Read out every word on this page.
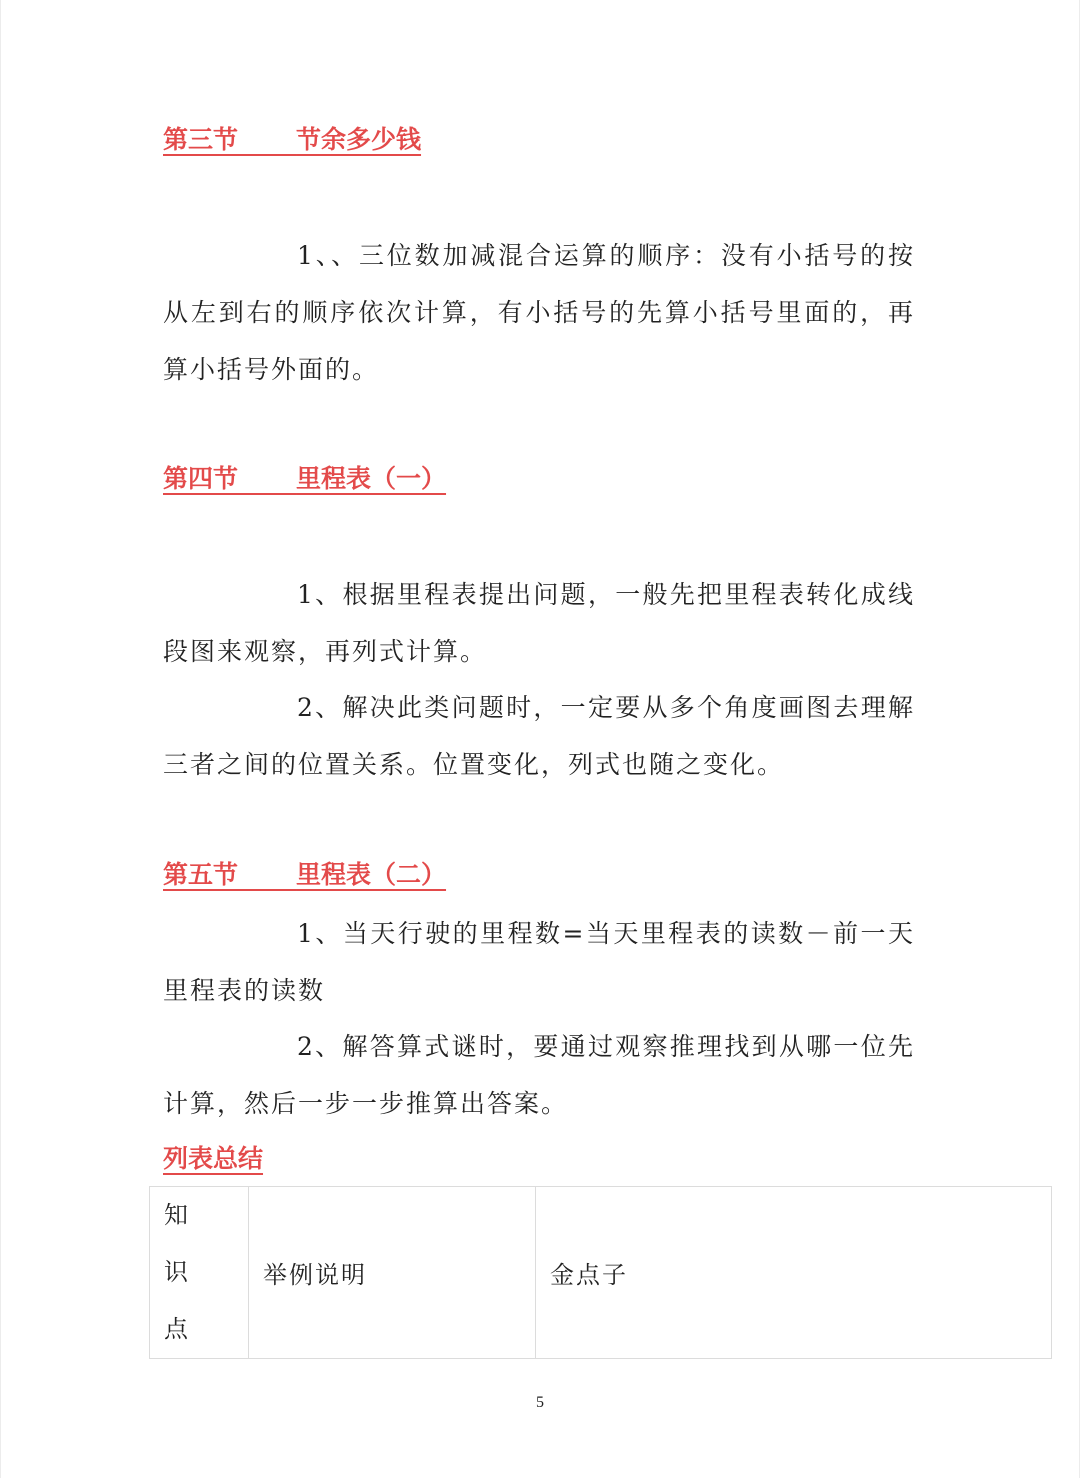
第三节 节余多少钱

1、、三位数加减混合运算的顺序：没有小括号的按从左到右的顺序依次计算，有小括号的先算小括号里面的，再算小括号外面的。

第四节 里程表（一）

1、根据里程表提出问题，一般先把里程表转化成线段图来观察，再列式计算。

2、解决此类问题时，一定要从多个角度画图去理解三者之间的位置关系。位置变化，列式也随之变化。

第五节 里程表（二）

1、当天行驶的里程数=当天里程表的读数－前一天里程表的读数

2、解答算式谜时，要通过观察推理找到从哪一位先计算，然后一步一步推算出答案。

列表总结
知识点	举例说明	金点子
5
